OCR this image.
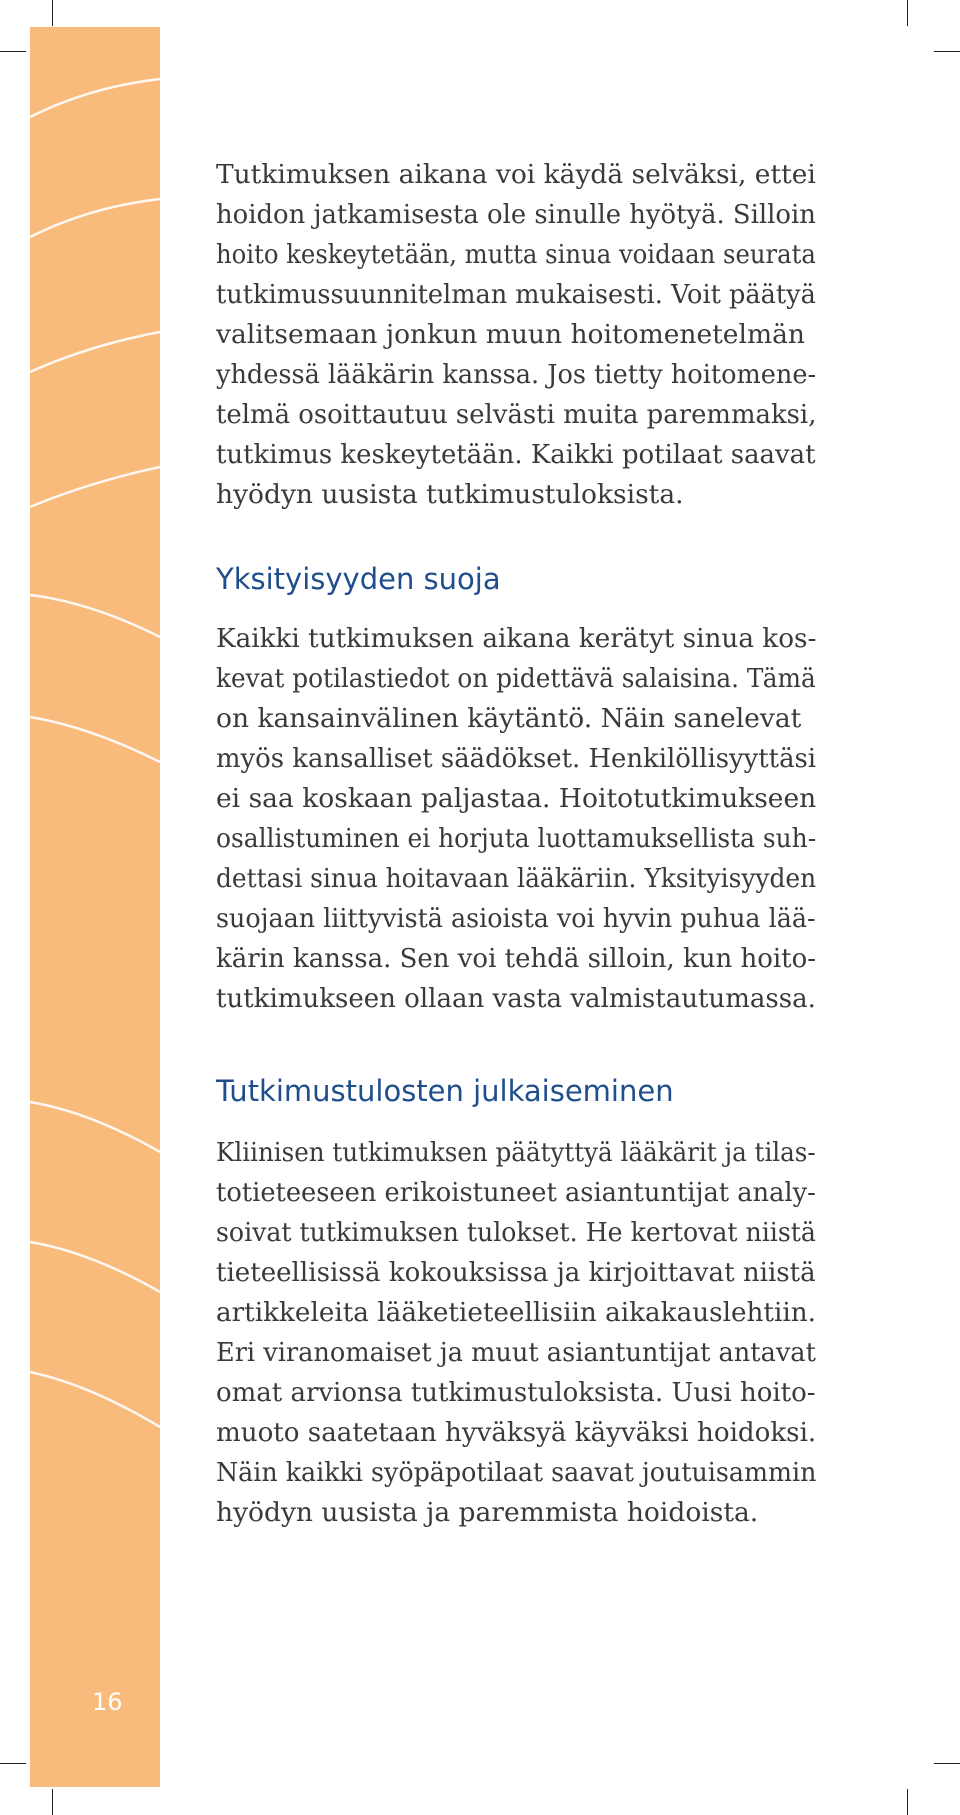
16

Tutkimuksen aikana voi käydä selväksi, ettei
hoidon jatkamisesta ole sinulle hyötyä. Silloin
hoito keskeytetään, mutta sinua voidaan seurata
tutkimussuunnitelman mukaisesti. Voit päätyä
valitsemaan jonkun muun hoitomenetelmän
yhdessä lääkärin kanssa. Jos tietty hoitomene-
telmä osoittautuu selvästi muita paremmaksi,
tutkimus keskeytetään. Kaikki potilaat saavat
hyödyn uusista tutkimustuloksista.

Yksityisyyden suoja

Kaikki tutkimuksen aikana kerätyt sinua kos-
kevat potilastiedot on pidettävä salaisina. Tämä
on kansainvälinen käytäntö. Näin sanelevat
myös kansalliset säädökset. Henkilöllisyyttäsi
ei saa koskaan paljastaa. Hoitotutkimukseen
osallistuminen ei horjuta luottamuksellista suh-
dettasi sinua hoitavaan lääkäriin. Yksityisyyden
suojaan liittyvistä asioista voi hyvin puhua lää-
kärin kanssa. Sen voi tehdä silloin, kun hoito-
tutkimukseen ollaan vasta valmistautumassa.

Tutkimustulosten julkaiseminen

Kliinisen tutkimuksen päätyttyä lääkärit ja tilas-
totieteeseen erikoistuneet asiantuntijat analy-
soivat tutkimuksen tulokset. He kertovat niistä
tieteellisissä kokouksissa ja kirjoittavat niistä
artikkeleita lääketieteellisiin aikakauslehtiin.
Eri viranomaiset ja muut asiantuntijat antavat
omat arvionsa tutkimustuloksista. Uusi hoito-
muoto saatetaan hyväksyä käyväksi hoidoksi.
Näin kaikki syöpäpotilaat saavat joutuisammin
hyödyn uusista ja paremmista hoidoista.
